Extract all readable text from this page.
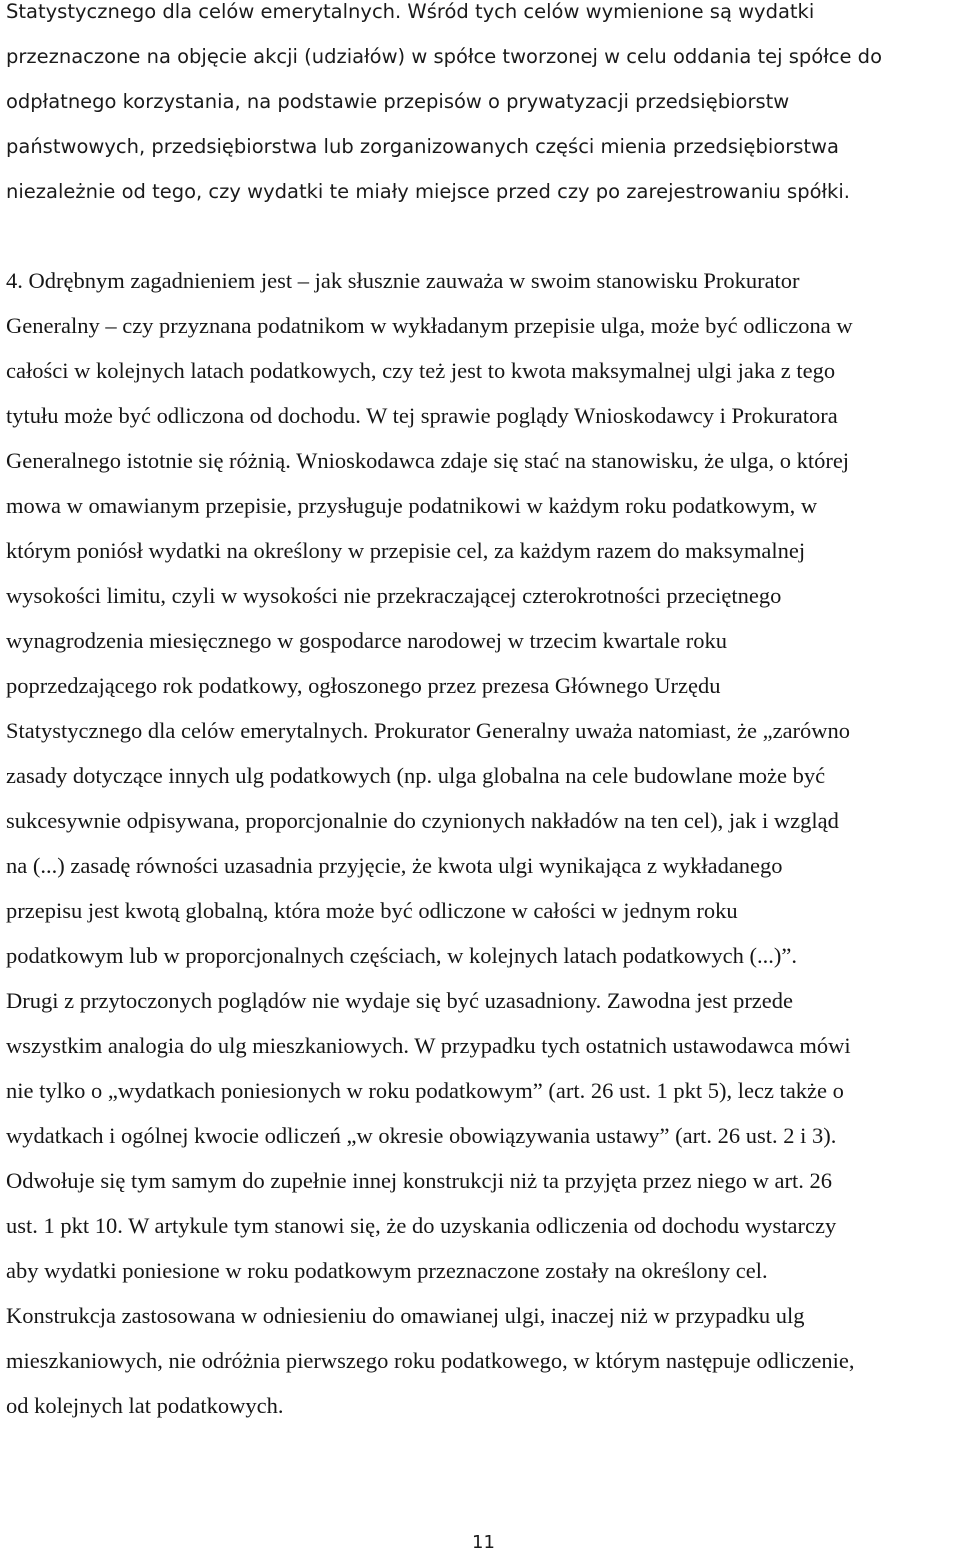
Statystycznego dla celów emerytalnych. Wśród tych celów wymienione są wydatki
przeznaczone na objęcie akcji (udziałów) w spółce tworzonej w celu oddania tej spółce do
odpłatnego korzystania, na podstawie przepisów o prywatyzacji przedsiębiorstw
państwowych, przedsiębiorstwa lub zorganizowanych części mienia przedsiębiorstwa
niezależnie od tego, czy wydatki te miały miejsce przed czy po zarejestrowaniu spółki.
4. Odrębnym zagadnieniem jest – jak słusznie zauważa w swoim stanowisku Prokurator
Generalny – czy przyznana podatnikom w wykładanym przepisie ulga, może być odliczona w
całości w kolejnych latach podatkowych, czy też jest to kwota maksymalnej ulgi jaka z tego
tytułu może być odliczona od dochodu. W tej sprawie poglądy Wnioskodawcy i Prokuratora
Generalnego istotnie się różnią. Wnioskodawca zdaje się stać na stanowisku, że ulga, o której
mowa w omawianym przepisie, przysługuje podatnikowi w każdym roku podatkowym, w
którym poniósł wydatki na określony w przepisie cel, za każdym razem do maksymalnej
wysokości limitu, czyli w wysokości nie przekraczającej czterokrotności przeciętnego
wynagrodzenia miesięcznego w gospodarce narodowej w trzecim kwartale roku
poprzedzającego rok podatkowy, ogłoszonego przez prezesa Głównego Urzędu
Statystycznego dla celów emerytalnych. Prokurator Generalny uważa natomiast, że „zarówno
zasady dotyczące innych ulg podatkowych (np. ulga globalna na cele budowlane może być
sukcesywnie odpisywana, proporcjonalnie do czynionych nakładów na ten cel), jak i wzgląd
na (...) zasadę równości uzasadnia przyjęcie, że kwota ulgi wynikająca z wykładanego
przepisu jest kwotą globalną, która może być odliczone w całości w jednym roku
podatkowym lub w proporcjonalnych częściach, w kolejnych latach podatkowych (...)”.
Drugi z przytoczonych poglądów nie wydaje się być uzasadniony. Zawodna jest przede
wszystkim analogia do ulg mieszkaniowych. W przypadku tych ostatnich ustawodawca mówi
nie tylko o „wydatkach poniesionych w roku podatkowym” (art. 26 ust. 1 pkt 5), lecz także o
wydatkach i ogólnej kwocie odliczeń „w okresie obowiązywania ustawy” (art. 26 ust. 2 i 3).
Odwołuje się tym samym do zupełnie innej konstrukcji niż ta przyjęta przez niego w art. 26
ust. 1 pkt 10. W artykule tym stanowi się, że do uzyskania odliczenia od dochodu wystarczy
aby wydatki poniesione w roku podatkowym przeznaczone zostały na określony cel.
Konstrukcja zastosowana w odniesieniu do omawianej ulgi, inaczej niż w przypadku ulg
mieszkaniowych, nie odróżnia pierwszego roku podatkowego, w którym następuje odliczenie,
od kolejnych lat podatkowych.
11
